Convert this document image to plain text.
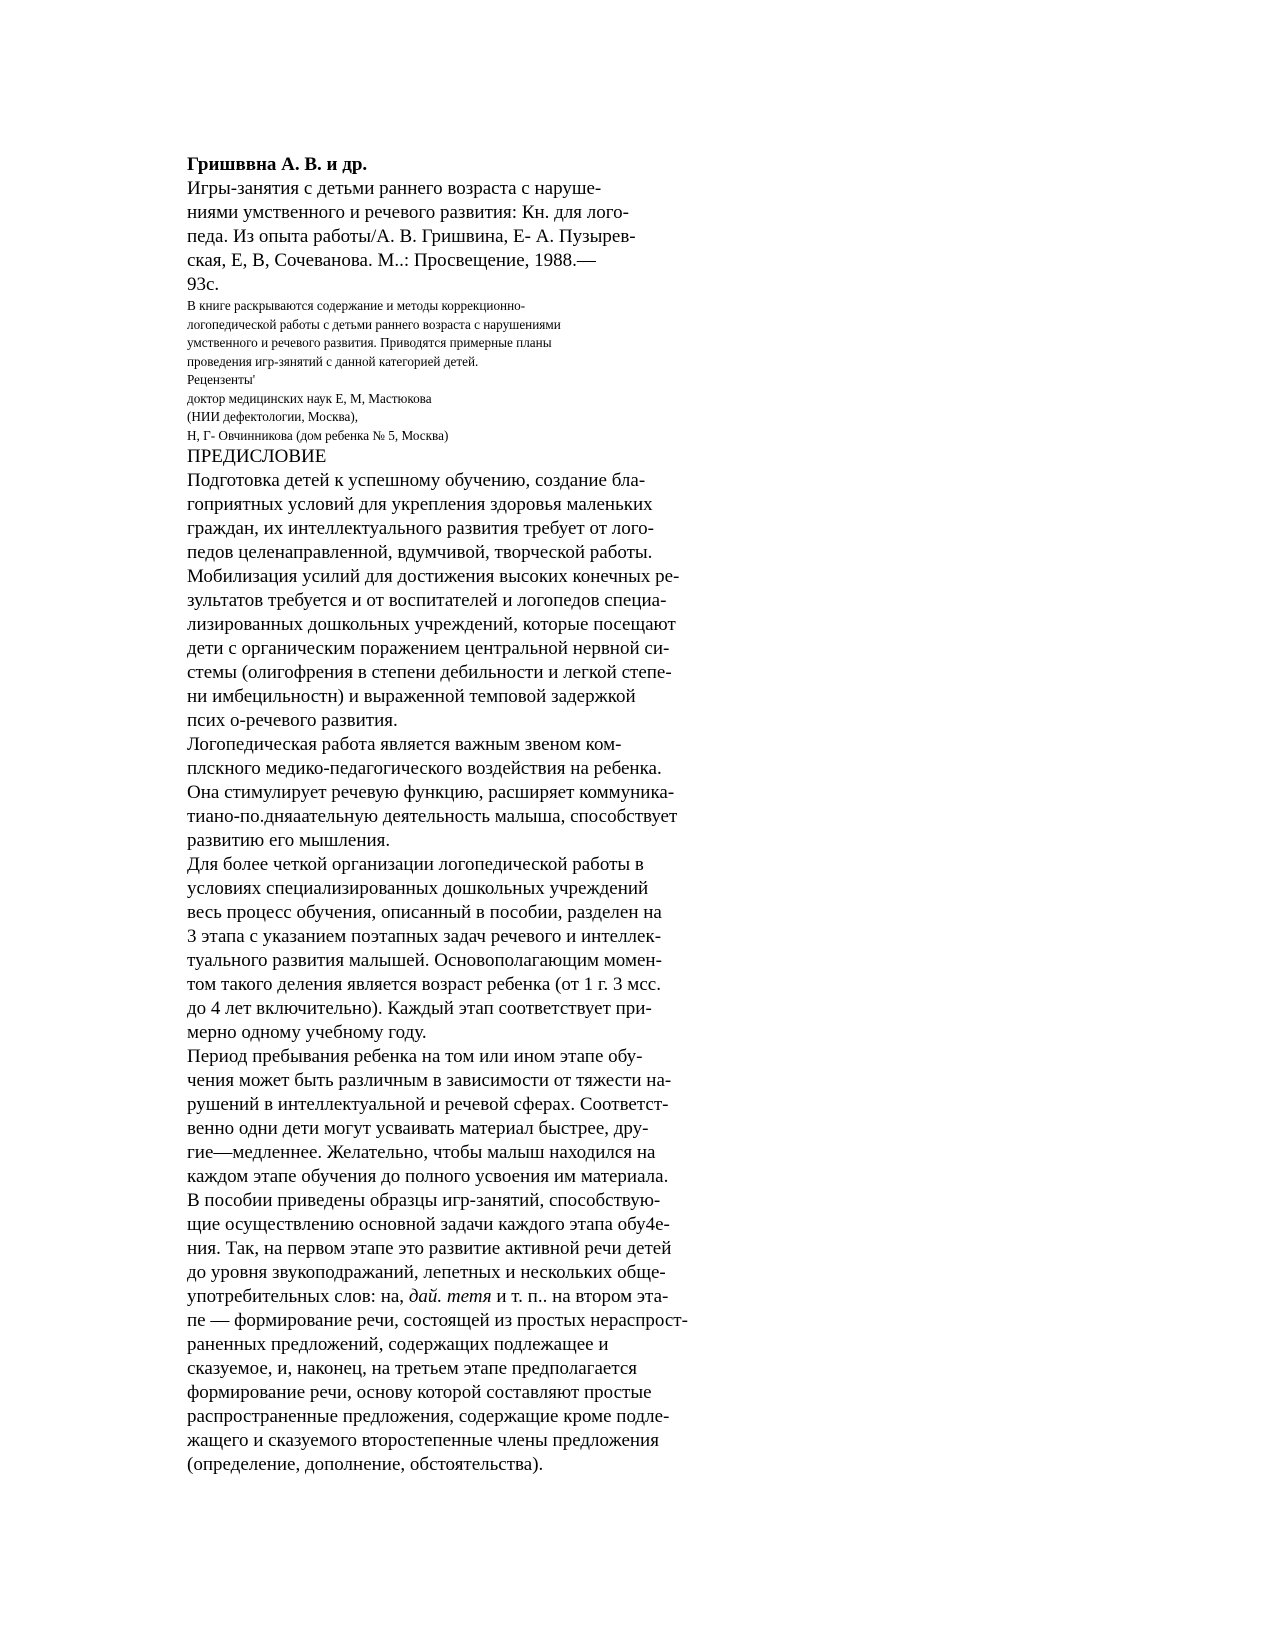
Гришввна А. В. и др.
Игры-занятия с детьми раннего возраста с наруше-
ниями умственного и речевого развития: Кн. для лого-
педа. Из опыта работы/А. В. Гришвина, Е- А. Пузырев-
ская, Е, В, Сочеванова. М..: Просвещение, 1988.—
93с.
В книге раскрываются содержание и методы коррекционно-
логопедической работы с детьми раннего возраста с нарушениями
умственного и речевого развития. Приводятся примерные планы
проведения игр-зянятий с данной категорией детей.
Рецензенты'
доктор медицинских наук Е, М, Мастюкова
(НИИ дефектологии, Москва),
Н, Г- Овчинникова (дом ребенка № 5, Москва)
ПРЕДИСЛОВИЕ
Подготовка детей к успешному обучению, создание бла-
гоприятных условий для укрепления здоровья маленьких
граждан, их интеллектуального развития требует от лого-
педов целенаправленной, вдумчивой, творческой работы.
Мобилизация усилий для достижения высоких конечных ре-
зультатов требуется и от воспитателей и логопедов специа-
лизированных дошкольных учреждений, которые посещают
дети с органическим поражением центральной нервной си-
стемы (олигофрения в степени дебильности и легкой степе-
ни имбецильностн) и выраженной темповой задержкой
псих о-речевого развития.
Логопедическая работа является важным звеном ком-
плскного медико-педагогического воздействия на ребенка.
Она стимулирует речевую функцию, расширяет коммуника-
тиано-по.дняаательную деятельность малыша, способствует
развитию его мышления.
Для более четкой организации логопедической работы в
условиях специализированных дошкольных учреждений
весь процесс обучения, описанный в пособии, разделен на
3 этапа с указанием поэтапных задач речевого и интеллек-
туального развития малышей. Основополагающим момен-
том такого деления является возраст ребенка (от 1 г. 3 мсс.
до 4 лет включительно). Каждый этап соответствует при-
мерно одному учебному году.
Период пребывания ребенка на том или ином этапе обу-
чения может быть различным в зависимости от тяжести на-
рушений в интеллектуальной и речевой сферах. Соответст-
венно одни дети могут усваивать материал быстрее, дру-
гие—медленнее. Желательно, чтобы малыш находился на
каждом этапе обучения до полного усвоения им материала.
В пособии приведены образцы игр-занятий, способствую-
щие осуществлению основной задачи каждого этапа обу4е-
ния. Так, на первом этапе это развитие активной речи детей
до уровня звукоподражаний, лепетных и нескольких обще-
употребительных слов: на, дай. тетя и т. п.. на втором эта-
пе — формирование речи, состоящей из простых нераспрост-
раненных предложений, содержащих подлежащее и
сказуемое, и, наконец, на третьем этапе предполагается
формирование речи, основу которой составляют простые
распространенные предложения, содержащие кроме подле-
жащего и сказуемого второстепенные члены предложения
(определение, дополнение, обстоятельства).
